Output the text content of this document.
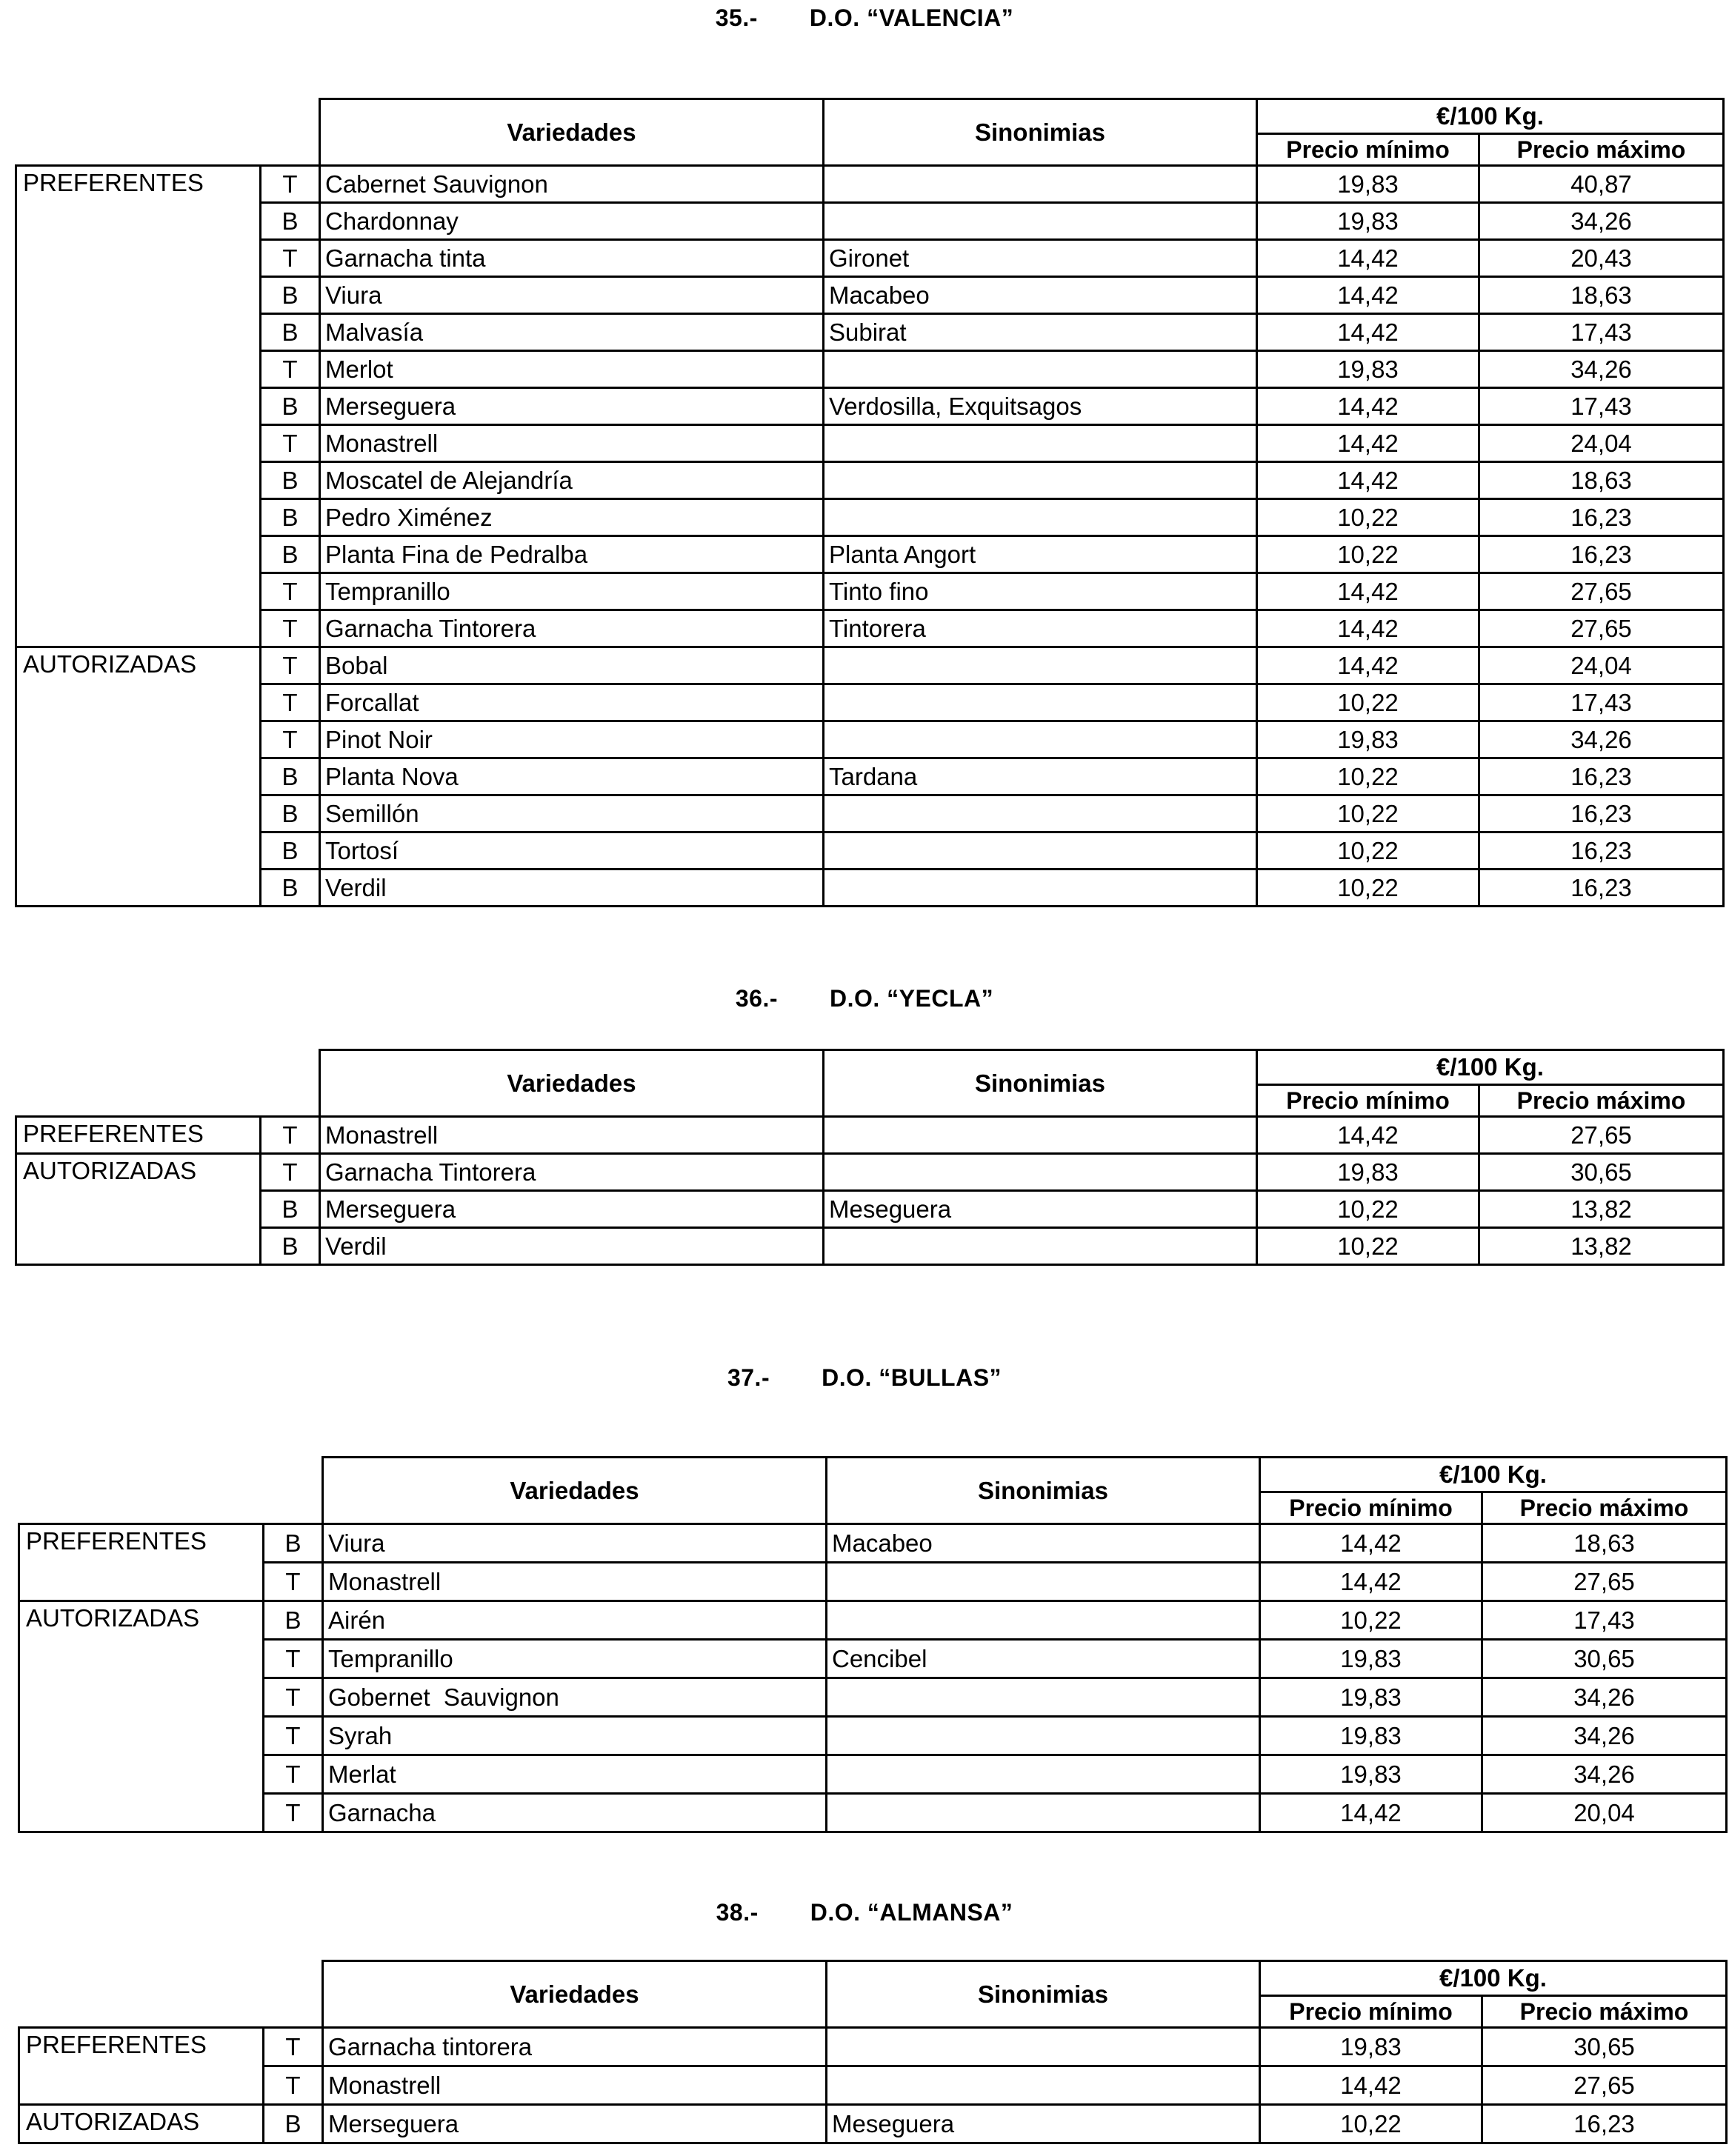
35.- D.O. “VALENCIA”
		Variedades	Sinonimias	€/100 Kg.	
				Precio mínimo	Precio máximo
PREFERENTES	T	Cabernet Sauvignon		19,83	40,87
	B	Chardonnay		19,83	34,26
	T	Garnacha tinta	Gironet	14,42	20,43
	B	Viura	Macabeo	14,42	18,63
	B	Malvasía	Subirat	14,42	17,43
	T	Merlot		19,83	34,26
	B	Merseguera	Verdosilla, Exquitsagos	14,42	17,43
	T	Monastrell		14,42	24,04
	B	Moscatel de Alejandría		14,42	18,63
	B	Pedro Ximénez		10,22	16,23
	B	Planta Fina de Pedralba	Planta Angort	10,22	16,23
	T	Tempranillo	Tinto fino	14,42	27,65
	T	Garnacha Tintorera	Tintorera	14,42	27,65
AUTORIZADAS	T	Bobal		14,42	24,04
	T	Forcallat		10,22	17,43
	T	Pinot Noir		19,83	34,26
	B	Planta Nova	Tardana	10,22	16,23
	B	Semillón		10,22	16,23
	B	Tortosí		10,22	16,23
	B	Verdil		10,22	16,23
36.- D.O. “YECLA”
		Variedades	Sinonimias	€/100 Kg.	
				Precio mínimo	Precio máximo
PREFERENTES	T	Monastrell		14,42	27,65
AUTORIZADAS	T	Garnacha Tintorera		19,83	30,65
	B	Merseguera	Meseguera	10,22	13,82
	B	Verdil		10,22	13,82
37.- D.O. “BULLAS”
		Variedades	Sinonimias	€/100 Kg.	
				Precio mínimo	Precio máximo
PREFERENTES	B	Viura	Macabeo	14,42	18,63
	T	Monastrell		14,42	27,65
AUTORIZADAS	B	Airén		10,22	17,43
	T	Tempranillo	Cencibel	19,83	30,65
	T	Gobernet  Sauvignon		19,83	34,26
	T	Syrah		19,83	34,26
	T	Merlat		19,83	34,26
	T	Garnacha		14,42	20,04
38.- D.O. “ALMANSA”
		Variedades	Sinonimias	€/100 Kg.	
				Precio mínimo	Precio máximo
PREFERENTES	T	Garnacha tintorera		19,83	30,65
	T	Monastrell		14,42	27,65
AUTORIZADAS	B	Merseguera	Meseguera	10,22	16,23
